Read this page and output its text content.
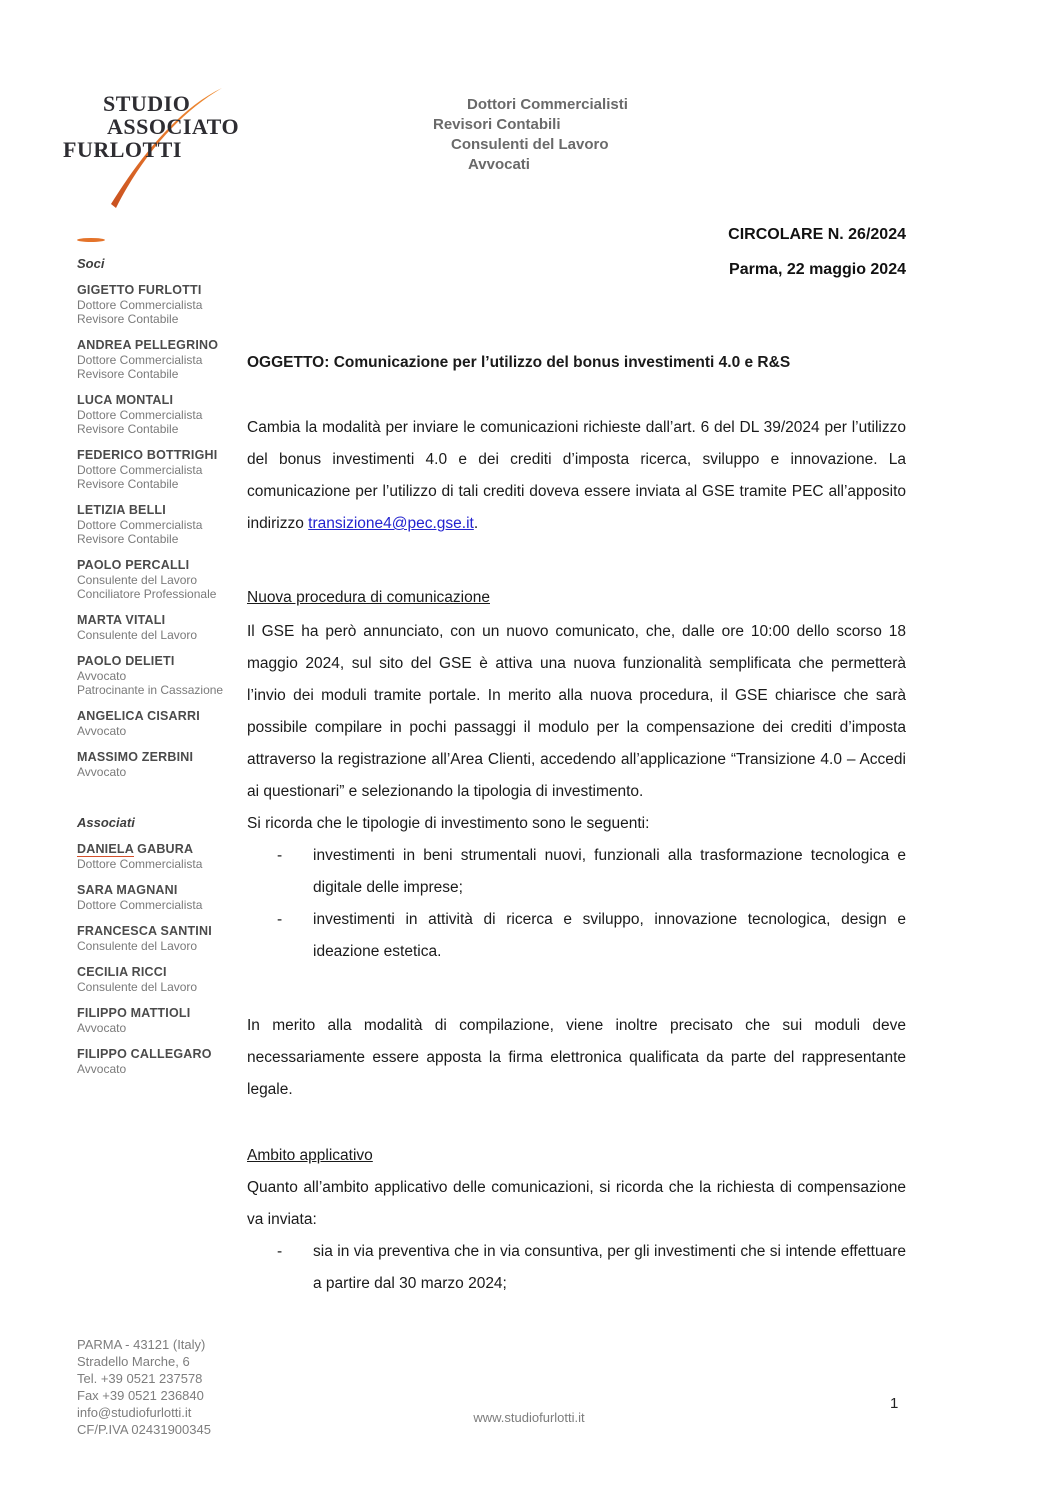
STUDIO
ASSOCIATO
FURLOTTI
Dottori Commercialisti
Revisori Contabili
Consulenti del Lavoro
Avvocati
CIRCOLARE N. 26/2024
Parma, 22 maggio 2024
Soci
GIGETTO FURLOTTI
Dottore Commercialista
Revisore Contabile
ANDREA PELLEGRINO
Dottore Commercialista
Revisore Contabile
LUCA MONTALI
Dottore Commercialista
Revisore Contabile
FEDERICO BOTTRIGHI
Dottore Commercialista
Revisore Contabile
LETIZIA BELLI
Dottore Commercialista
Revisore Contabile
PAOLO PERCALLI
Consulente del Lavoro
Conciliatore Professionale
MARTA VITALI
Consulente del Lavoro
PAOLO DELIETI
Avvocato
Patrocinante in Cassazione
ANGELICA CISARRI
Avvocato
MASSIMO ZERBINI
Avvocato
Associati
DANIELA GABURA
Dottore Commercialista
SARA MAGNANI
Dottore Commercialista
FRANCESCA SANTINI
Consulente del Lavoro
CECILIA RICCI
Consulente del Lavoro
FILIPPO MATTIOLI
Avvocato
FILIPPO CALLEGARO
Avvocato
OGGETTO: Comunicazione per l’utilizzo del bonus investimenti 4.0 e R&S

Cambia la modalità per inviare le comunicazioni richieste dall’art. 6 del DL 39/2024 per l’utilizzo del bonus investimenti 4.0 e dei crediti d’imposta ricerca, sviluppo e innovazione. La comunicazione per l’utilizzo di tali crediti doveva essere inviata al GSE tramite PEC all’apposito indirizzo transizione4@pec.gse.it.

Nuova procedura di comunicazione

Il GSE ha però annunciato, con un nuovo comunicato, che, dalle ore 10:00 dello scorso 18 maggio 2024, sul sito del GSE è attiva una nuova funzionalità semplificata che permetterà l’invio dei moduli tramite portale. In merito alla nuova procedura, il GSE chiarisce che sarà possibile compilare in pochi passaggi il modulo per la compensazione dei crediti d’imposta attraverso la registrazione all’Area Clienti, accedendo all’applicazione “Transizione 4.0 – Accedi ai questionari” e selezionando la tipologia di investimento.

Si ricorda che le tipologie di investimento sono le seguenti:

- investimenti in beni strumentali nuovi, funzionali alla trasformazione tecnologica e digitale delle imprese;
- investimenti in attività di ricerca e sviluppo, innovazione tecnologica, design e ideazione estetica.

In merito alla modalità di compilazione, viene inoltre precisato che sui moduli deve necessariamente essere apposta la firma elettronica qualificata da parte del rappresentante legale.

Ambito applicativo

Quanto all’ambito applicativo delle comunicazioni, si ricorda che la richiesta di compensazione va inviata:

- sia in via preventiva che in via consuntiva, per gli investimenti che si intende effettuare a partire dal 30 marzo 2024;
PARMA - 43121 (Italy)
Stradello Marche, 6
Tel. +39 0521 237578
Fax +39 0521 236840
info@studiofurlotti.it
CF/P.IVA 02431900345
www.studiofurlotti.it
1
